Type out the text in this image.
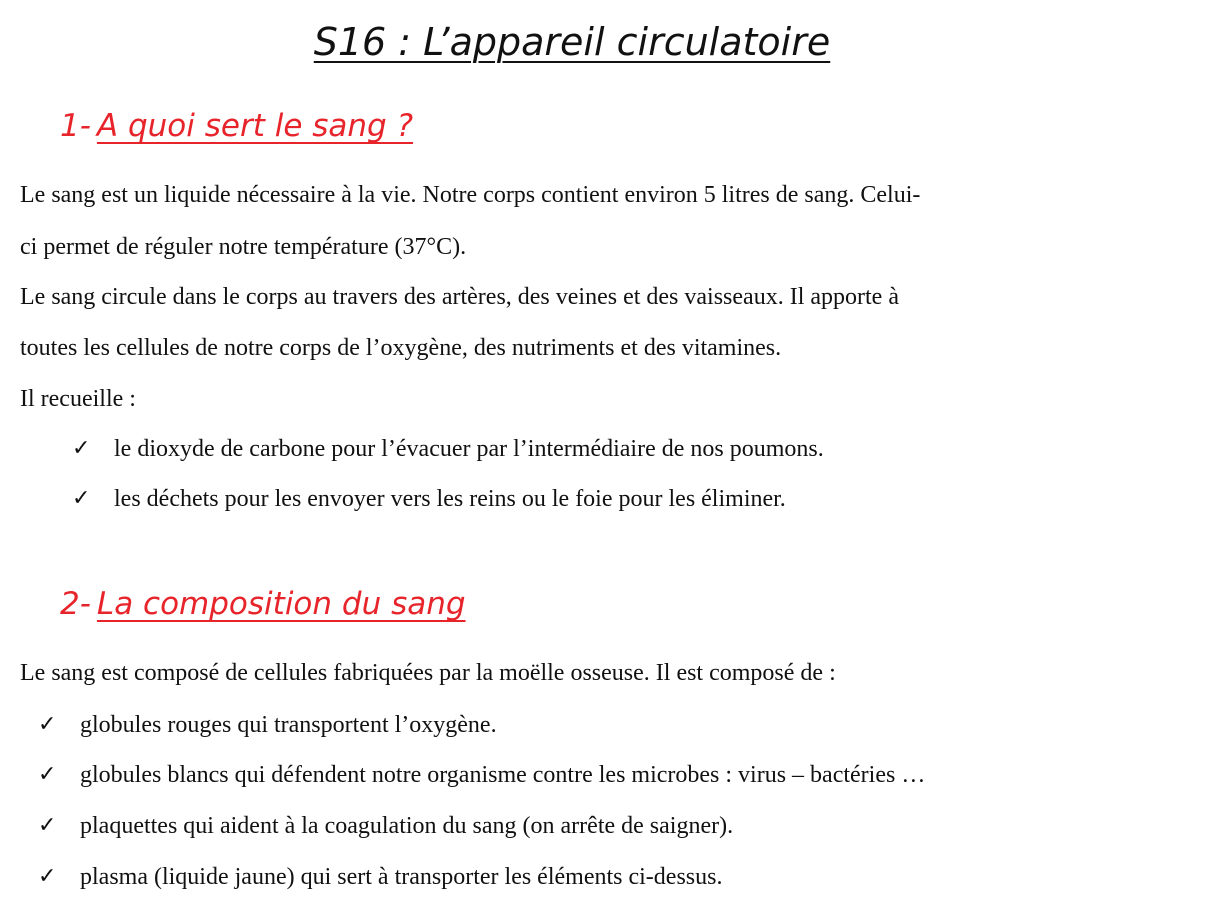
S16 : L’appareil circulatoire
1- A quoi sert le sang ?
Le sang est un liquide nécessaire à la vie. Notre corps contient environ 5 litres de sang. Celui-
ci permet de réguler notre température (37°C).
Le sang circule dans le corps au travers des artères, des veines et des vaisseaux. Il apporte à
toutes les cellules de notre corps de l’oxygène, des nutriments et des vitamines.
Il recueille :
✓ le dioxyde de carbone pour l’évacuer par l’intermédiaire de nos poumons.
✓ les déchets pour les envoyer vers les reins ou le foie pour les éliminer.
2- La composition du sang
Le sang est composé de cellules fabriquées par la moëlle osseuse. Il est composé de :
✓ globules rouges qui transportent l’oxygène.
✓ globules blancs qui défendent notre organisme contre les microbes : virus – bactéries …
✓ plaquettes qui aident à la coagulation du sang (on arrête de saigner).
✓ plasma (liquide jaune) qui sert à transporter les éléments ci-dessus.
